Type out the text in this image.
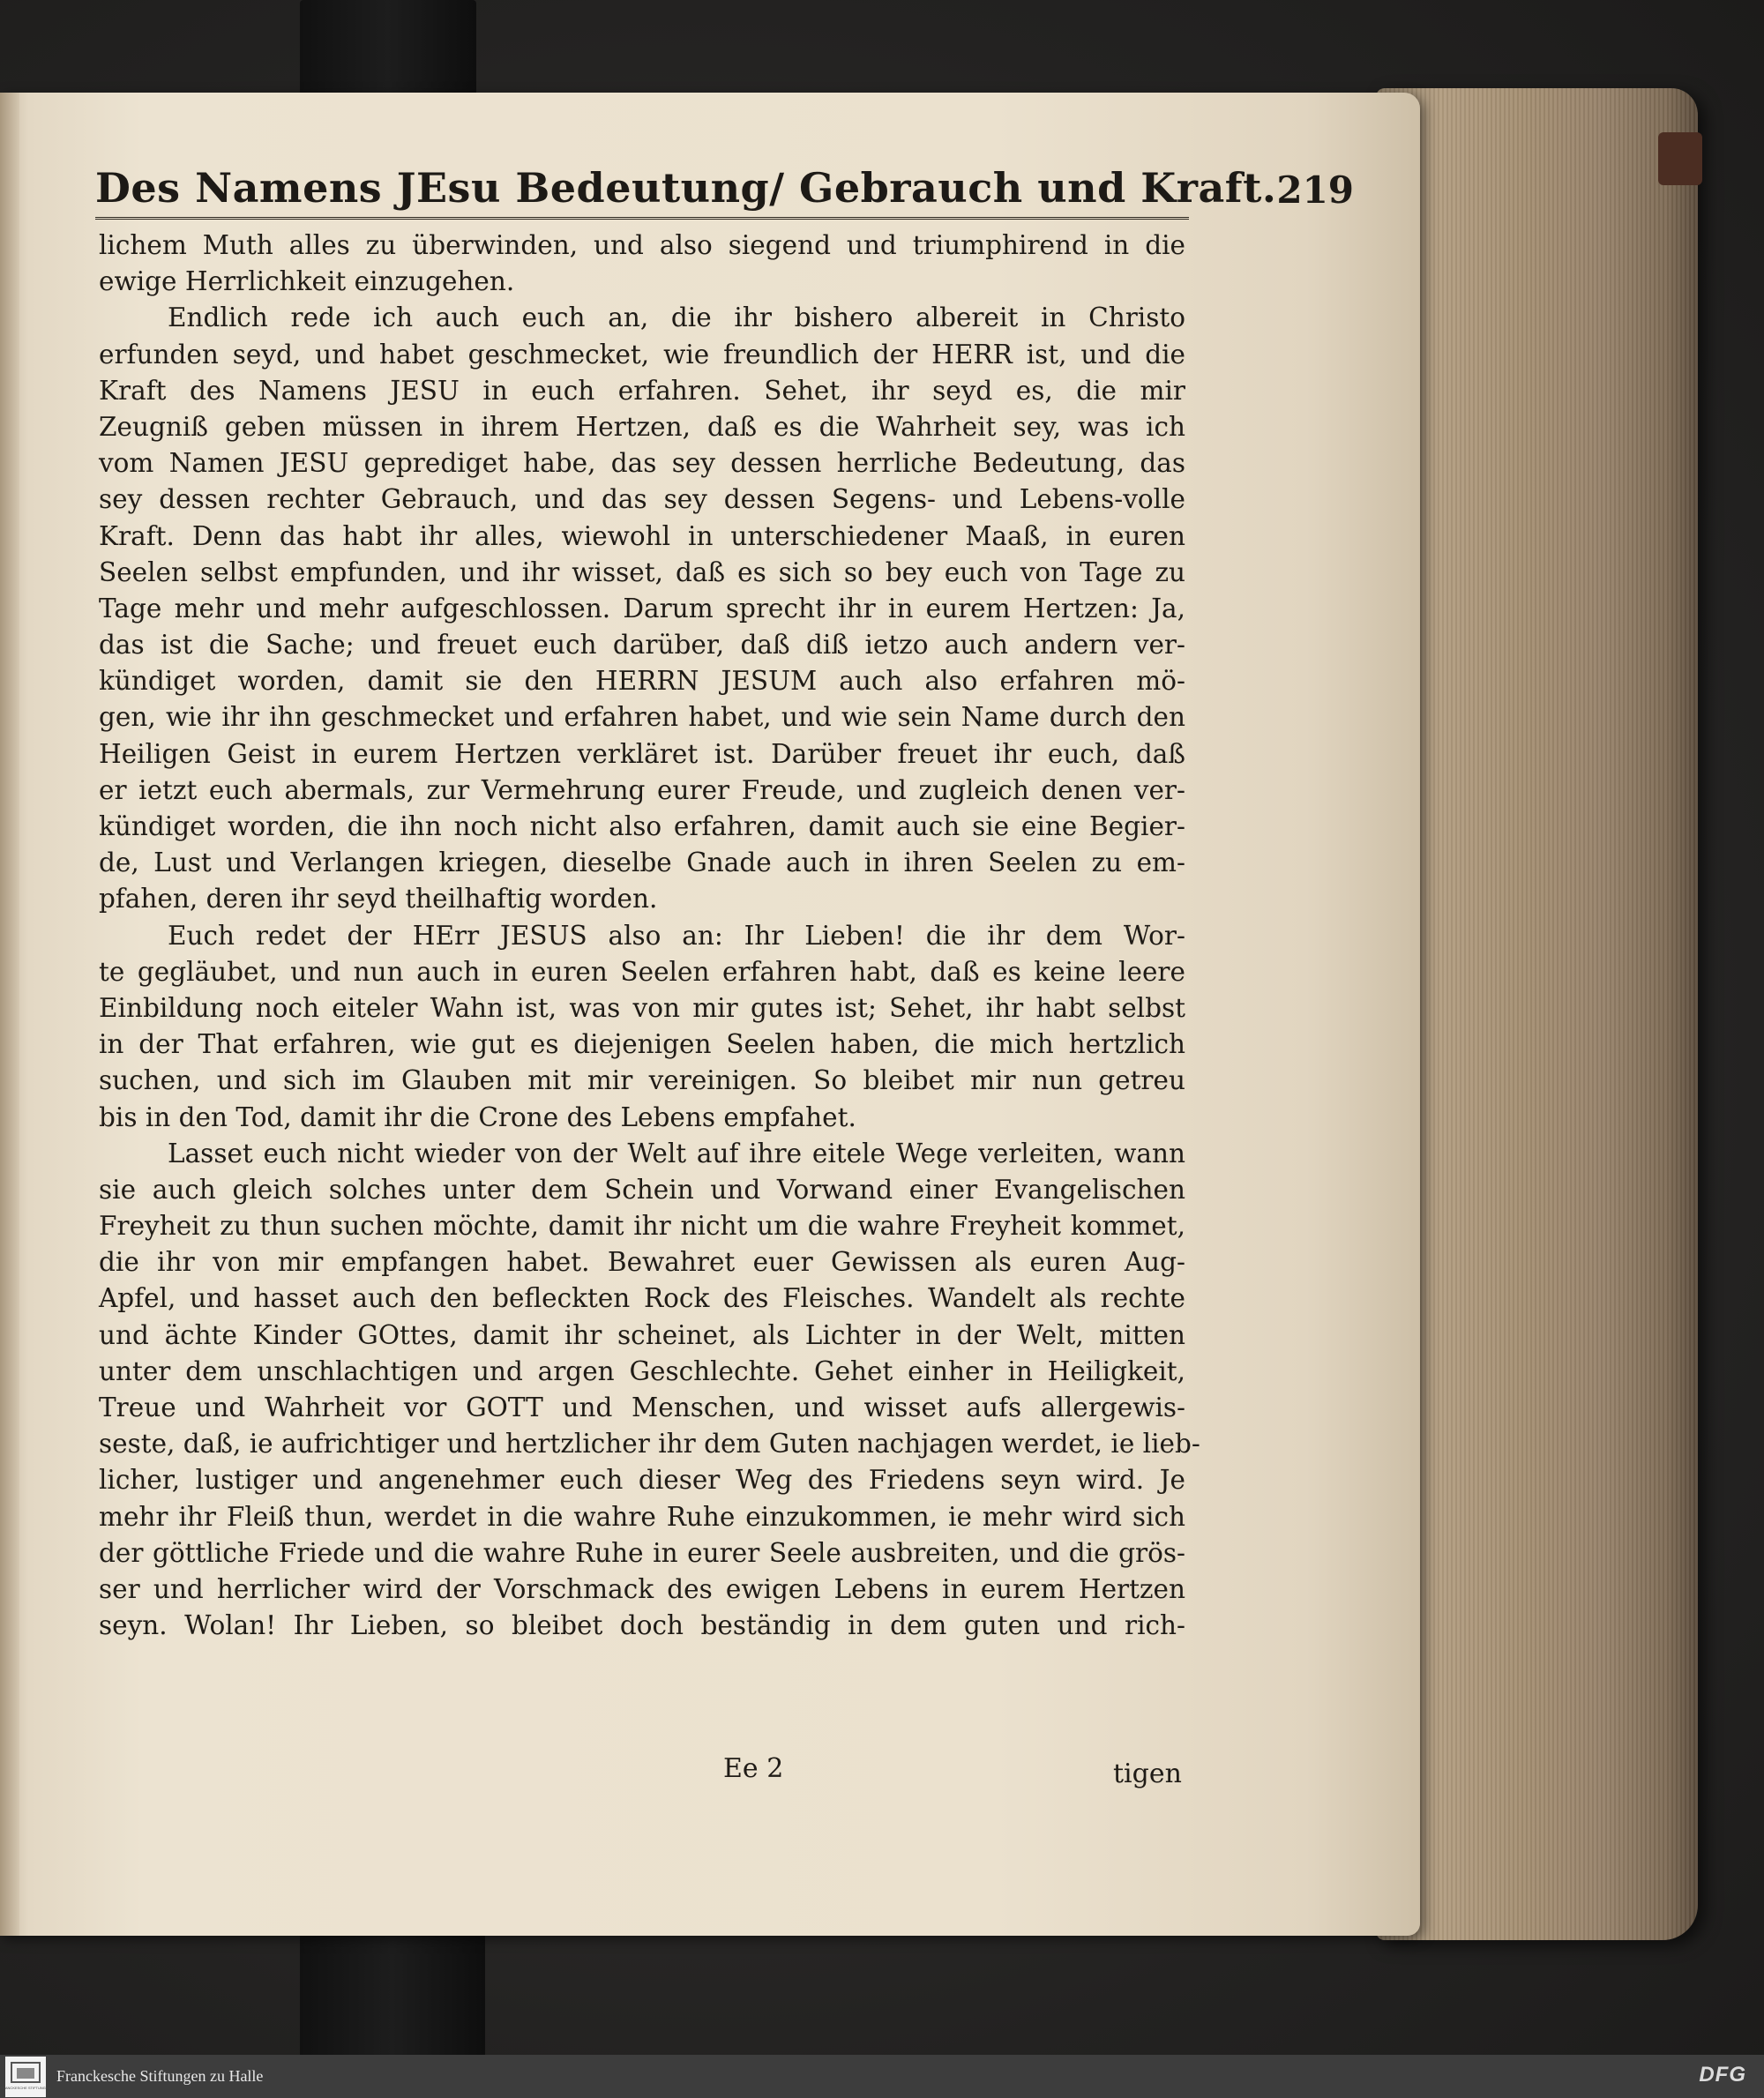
Des Namens JEsu Bedeutung/ Gebrauch und Kraft. 219
lichem Muth alles zu überwinden, und also siegend und triumphirend in die
ewige Herrlichkeit einzugehen.
Endlich rede ich auch euch an, die ihr bishero albereit in Christo
erfunden seyd, und habet geschmecket, wie freundlich der HERR ist, und die
Kraft des Namens JESU in euch erfahren. Sehet, ihr seyd es, die mir
Zeugniß geben müssen in ihrem Hertzen, daß es die Wahrheit sey, was ich
vom Namen JESU geprediget habe, das sey dessen herrliche Bedeutung, das
sey dessen rechter Gebrauch, und das sey dessen Segens- und Lebens-volle
Kraft. Denn das habt ihr alles, wiewohl in unterschiedener Maaß, in euren
Seelen selbst empfunden, und ihr wisset, daß es sich so bey euch von Tage zu
Tage mehr und mehr aufgeschlossen. Darum sprecht ihr in eurem Hertzen: Ja,
das ist die Sache; und freuet euch darüber, daß diß ietzo auch andern ver-
kündiget worden, damit sie den HERRN JESUM auch also erfahren mö-
gen, wie ihr ihn geschmecket und erfahren habet, und wie sein Name durch den
Heiligen Geist in eurem Hertzen verkläret ist. Darüber freuet ihr euch, daß
er ietzt euch abermals, zur Vermehrung eurer Freude, und zugleich denen ver-
kündiget worden, die ihn noch nicht also erfahren, damit auch sie eine Begier-
de, Lust und Verlangen kriegen, dieselbe Gnade auch in ihren Seelen zu em-
pfahen, deren ihr seyd theilhaftig worden.
Euch redet der HErr JESUS also an: Ihr Lieben! die ihr dem Wor-
te gegläubet, und nun auch in euren Seelen erfahren habt, daß es keine leere
Einbildung noch eiteler Wahn ist, was von mir gutes ist; Sehet, ihr habt selbst
in der That erfahren, wie gut es diejenigen Seelen haben, die mich hertzlich
suchen, und sich im Glauben mit mir vereinigen. So bleibet mir nun getreu
bis in den Tod, damit ihr die Crone des Lebens empfahet.
Lasset euch nicht wieder von der Welt auf ihre eitele Wege verleiten, wann
sie auch gleich solches unter dem Schein und Vorwand einer Evangelischen
Freyheit zu thun suchen möchte, damit ihr nicht um die wahre Freyheit kommet,
die ihr von mir empfangen habet. Bewahret euer Gewissen als euren Aug-
Apfel, und hasset auch den befleckten Rock des Fleisches. Wandelt als rechte
und ächte Kinder GOttes, damit ihr scheinet, als Lichter in der Welt, mitten
unter dem unschlachtigen und argen Geschlechte. Gehet einher in Heiligkeit,
Treue und Wahrheit vor GOTT und Menschen, und wisset aufs allergewis-
seste, daß, ie aufrichtiger und hertzlicher ihr dem Guten nachjagen werdet, ie lieb-
licher, lustiger und angenehmer euch dieser Weg des Friedens seyn wird. Je
mehr ihr Fleiß thun, werdet in die wahre Ruhe einzukommen, ie mehr wird sich
der göttliche Friede und die wahre Ruhe in eurer Seele ausbreiten, und die grös-
ser und herrlicher wird der Vorschmack des ewigen Lebens in eurem Hertzen
seyn. Wolan! Ihr Lieben, so bleibet doch beständig in dem guten und rich-
Ee 2	tigen
FRANCKESCHE STIFTUNGEN
Franckesche Stiftungen zu Halle	DFG
